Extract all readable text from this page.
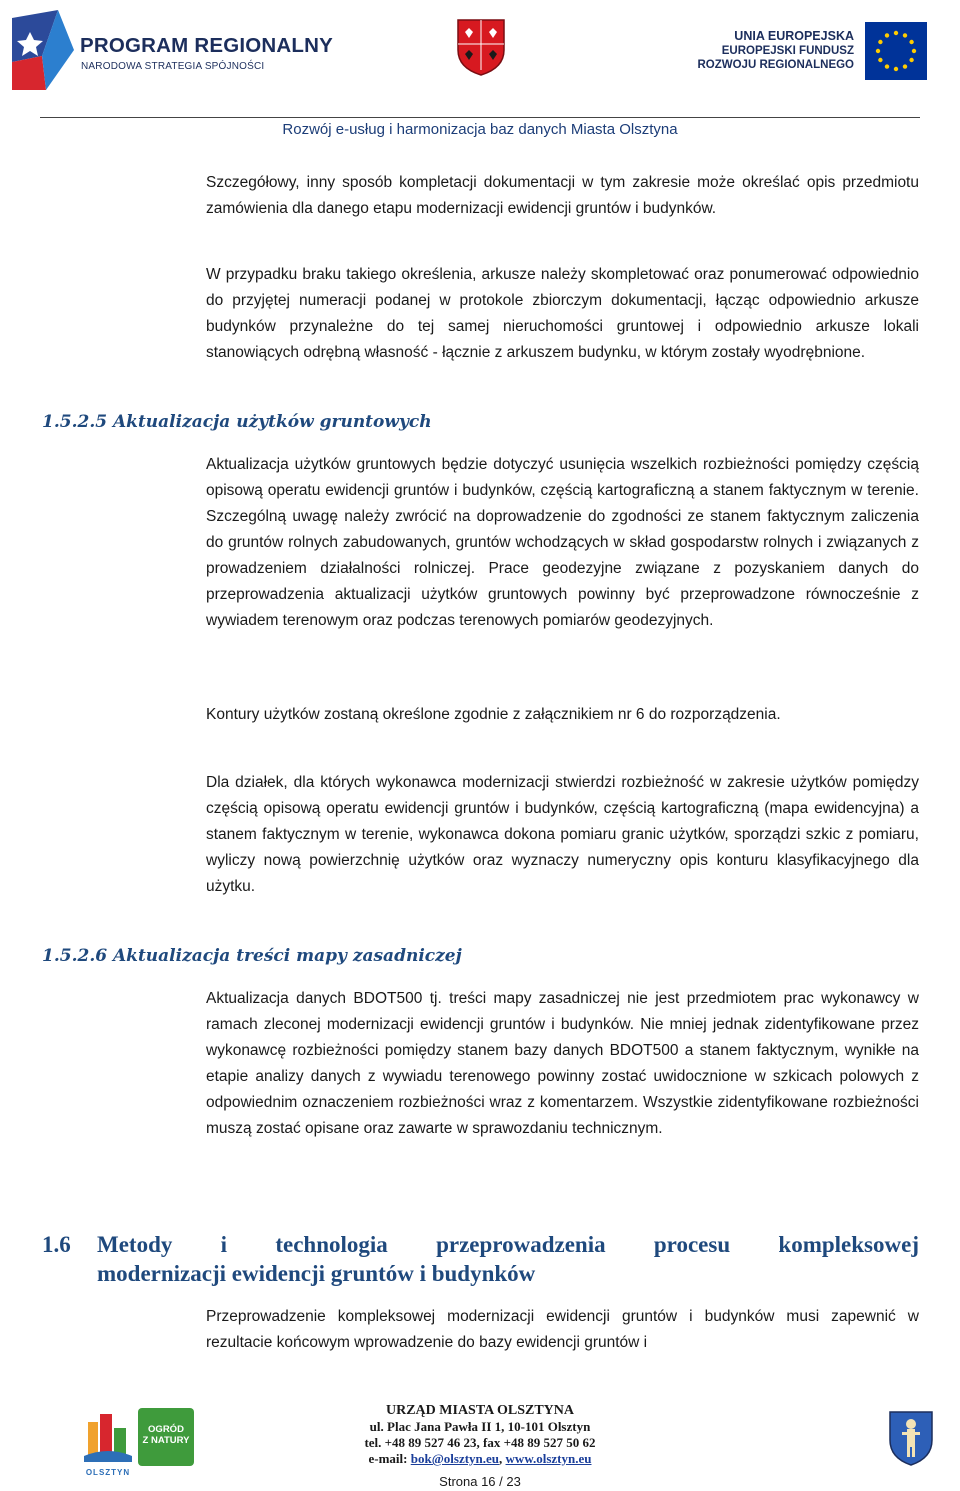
PROGRAM REGIONALNY
NARODOWA STRATEGIA SPÓJNOŚCI
UNIA EUROPEJSKA
EUROPEJSKI FUNDUSZ
ROZWOJU REGIONALNEGO
Rozwój e-usług i harmonizacja baz danych Miasta Olsztyna

Szczegółowy, inny sposób kompletacji dokumentacji w tym zakresie może określać opis przedmiotu zamówienia dla danego etapu modernizacji ewidencji gruntów i budynków.

W przypadku braku takiego określenia, arkusze należy skompletować oraz ponumerować odpowiednio do przyjętej numeracji podanej w protokole zbiorczym dokumentacji, łącząc odpowiednio arkusze budynków przynależne do tej samej nieruchomości gruntowej i odpowiednio arkusze lokali stanowiących odrębną własność - łącznie z arkuszem budynku, w którym zostały wyodrębnione.

1.5.2.5 Aktualizacja użytków gruntowych

Aktualizacja użytków gruntowych będzie dotyczyć usunięcia wszelkich rozbieżności pomiędzy częścią opisową operatu ewidencji gruntów i budynków, częścią kartograficzną a stanem faktycznym w terenie. Szczególną uwagę należy zwrócić na doprowadzenie do zgodności ze stanem faktycznym zaliczenia do gruntów rolnych zabudowanych, gruntów wchodzących w skład gospodarstw rolnych i związanych z prowadzeniem działalności rolniczej. Prace geodezyjne związane z pozyskaniem danych do przeprowadzenia aktualizacji użytków gruntowych powinny być przeprowadzone równocześnie z wywiadem terenowym oraz podczas terenowych pomiarów geodezyjnych.

Kontury użytków zostaną określone zgodnie z załącznikiem nr 6 do rozporządzenia.

Dla działek, dla których wykonawca modernizacji stwierdzi rozbieżność w zakresie użytków pomiędzy częścią opisową operatu ewidencji gruntów i budynków, częścią kartograficzną (mapa ewidencyjna) a stanem faktycznym w terenie, wykonawca dokona pomiaru granic użytków, sporządzi szkic z pomiaru, wyliczy nową powierzchnię użytków oraz wyznaczy numeryczny opis konturu klasyfikacyjnego dla użytku.

1.5.2.6 Aktualizacja treści mapy zasadniczej

Aktualizacja danych BDOT500 tj. treści mapy zasadniczej nie jest przedmiotem prac wykonawcy w ramach zleconej modernizacji ewidencji gruntów i budynków. Nie mniej jednak zidentyfikowane przez wykonawcę rozbieżności pomiędzy stanem bazy danych BDOT500 a stanem faktycznym, wynikłe na etapie analizy danych z wywiadu terenowego powinny zostać uwidocznione w szkicach polowych z odpowiednim oznaczeniem rozbieżności wraz z komentarzem. Wszystkie zidentyfikowane rozbieżności muszą zostać opisane oraz zawarte w sprawozdaniu technicznym.

1.6 Metody i technologia przeprowadzenia procesu kompleksowej
modernizacji ewidencji gruntów i budynków

Przeprowadzenie kompleksowej modernizacji ewidencji gruntów i budynków musi zapewnić w rezultacie końcowym wprowadzenie do bazy ewidencji gruntów i

OLSZTYN
OGRÓD
Z NATURY
URZĄD MIASTA OLSZTYNA
ul. Plac Jana Pawła II 1, 10-101 Olsztyn
tel. +48 89 527 46 23, fax +48 89 527 50 62
e-mail: bok@olsztyn.eu, www.olsztyn.eu
Strona 16 / 23
